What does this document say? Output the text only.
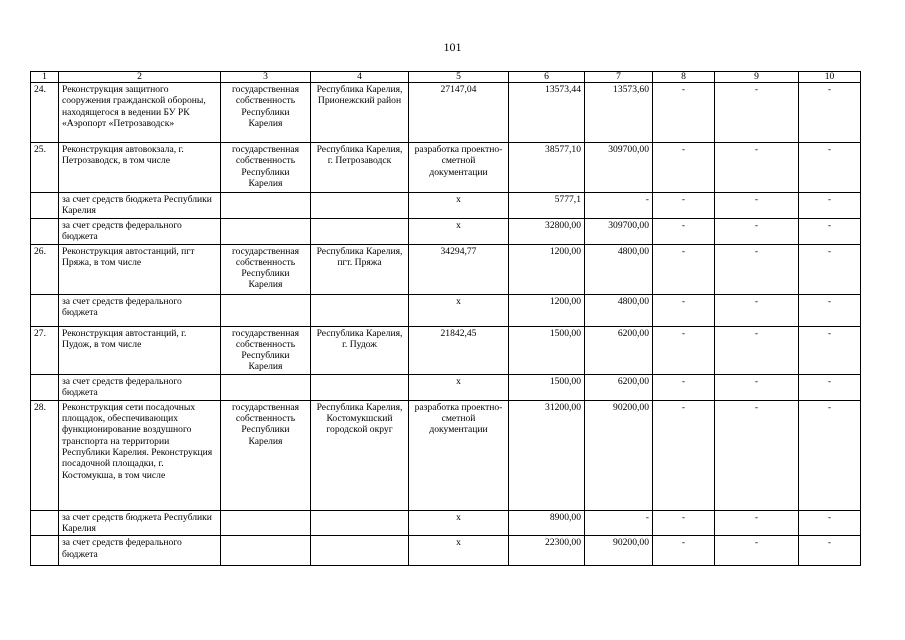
101
1	2	3	4	5	6	7	8	9	10
24.	Реконструкция защитного сооружения гражданской обороны, находящегося в ведении БУ РК «Аэропорт «Петрозаводск»	государственная собственность Республики Карелия	Республика Карелия, Прионежский район	27147,04	13573,44	13573,60	-	-	-
25.	Реконструкция автовокзала, г. Петрозаводск, в том числе	государственная собственность Республики Карелия	Республика Карелия, г. Петрозаводск	разработка проектно-сметной документации	38577,10	309700,00	-	-	-
	за счет средств бюджета Республики Карелия			x	5777,1	-	-	-	-
	за счет средств федерального бюджета			x	32800,00	309700,00	-	-	-
26.	Реконструкция автостанций, пгт Пряжа, в том числе	государственная собственность Республики Карелия	Республика Карелия, пгт. Пряжа	34294,77	1200,00	4800,00	-	-	-
	за счет средств федерального бюджета			x	1200,00	4800,00	-	-	-
27.	Реконструкция автостанций, г. Пудож, в том числе	государственная собственность Республики Карелия	Республика Карелия, г. Пудож	21842,45	1500,00	6200,00	-	-	-
	за счет средств федерального бюджета			x	1500,00	6200,00	-	-	-
28.	Реконструкция сети посадочных площадок, обеспечивающих функционирование воздушного транспорта на территории Республики Карелия. Реконструкция посадочной площадки, г. Костомукша, в том числе	государственная собственность Республики Карелия	Республика Карелия, Костомукшский городской округ	разработка проектно-сметной документации	31200,00	90200,00	-	-	-
	за счет средств бюджета Республики Карелия			x	8900,00	-	-	-	-
	за счет средств федерального бюджета			x	22300,00	90200,00	-	-	-
